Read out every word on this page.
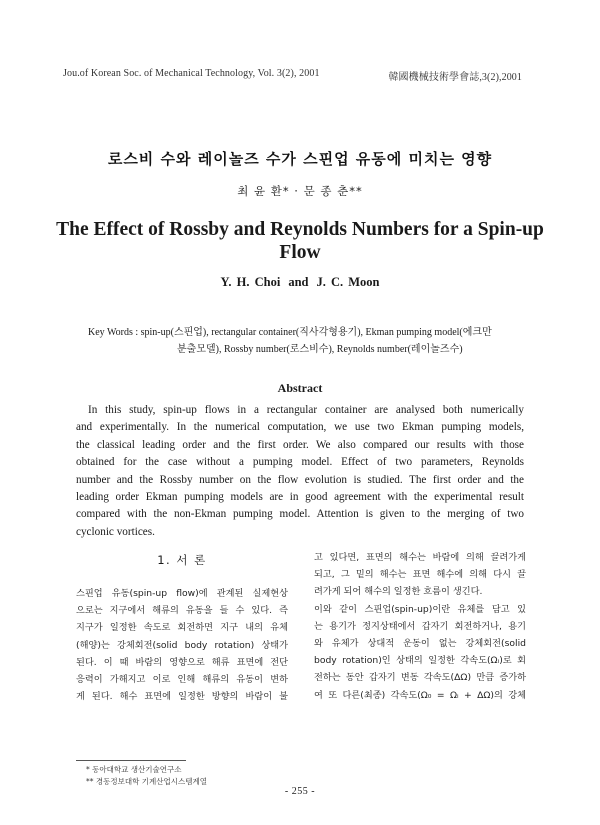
Jou.of Korean Soc. of Mechanical Technology, Vol. 3(2), 2001	韓國機械技術學會誌,3(2),2001
로스비 수와 레이놀즈 수가 스핀업 유동에 미치는 영향
최 윤 환* · 문 종 춘**
The Effect of Rossby and Reynolds Numbers for a Spin-up Flow
Y. H. Choi and J. C. Moon
Key Words : spin-up(스핀업), rectangular container(직사각형용기), Ekman pumping model(에크만
분출모델), Rossby number(로스비수), Reynolds number(레이놀즈수)
Abstract
In this study, spin-up flows in a rectangular container are analysed both numerically
and experimentally. In the numerical computation, we use two Ekman pumping models,
the classical leading order and the first order. We also compared our results with those
obtained for the case without a pumping model. Effect of two parameters, Reynolds
number and the Rossby number on the flow evolution is studied. The first order and the
leading order Ekman pumping models are in good agreement with the experimental result
compared with the non-Ekman pumping model. Attention is given to the merging of two
cyclonic vortices.
1. 서 론
스핀업 유동(spin-up flow)에 관계된 실제현상
으로는 지구에서 해류의 유동을 들 수 있다. 즉
지구가 일정한 속도로 회전하면 지구 내의 유체
(해양)는 강체회전(solid body rotation) 상태가
된다. 이 때 바람의 영향으로 해류 표면에 전단
응력이 가해지고 이로 인해 해류의 유동이 변하
게 된다. 해수 표면에 일정한 방향의 바람이 불
고 있다면, 표면의 해수는 바람에 의해 끌려가게
되고, 그 밑의 해수는 표면 해수에 의해 다시 끌
려가게 되어 해수의 일정한 흐름이 생긴다.
이와 같이 스핀업(spin-up)이란 유체를 담고 있
는 용기가 정지상태에서 갑자기 회전하거나, 용기
와 유체가 상대적 운동이 없는 강체회전(solid
body rotation)인 상태의 일정한 각속도(Ωᵢ)로 회
전하는 동안 갑자기 변동 각속도(ΔΩ) 만큼 증가하
여 또 다른(최종) 각속도(Ω₀ = Ωᵢ + ΔΩ)의 강체
* 동아대학교 생산기술연구소
** 경동정보대학 기계산업시스템계열
- 255 -
